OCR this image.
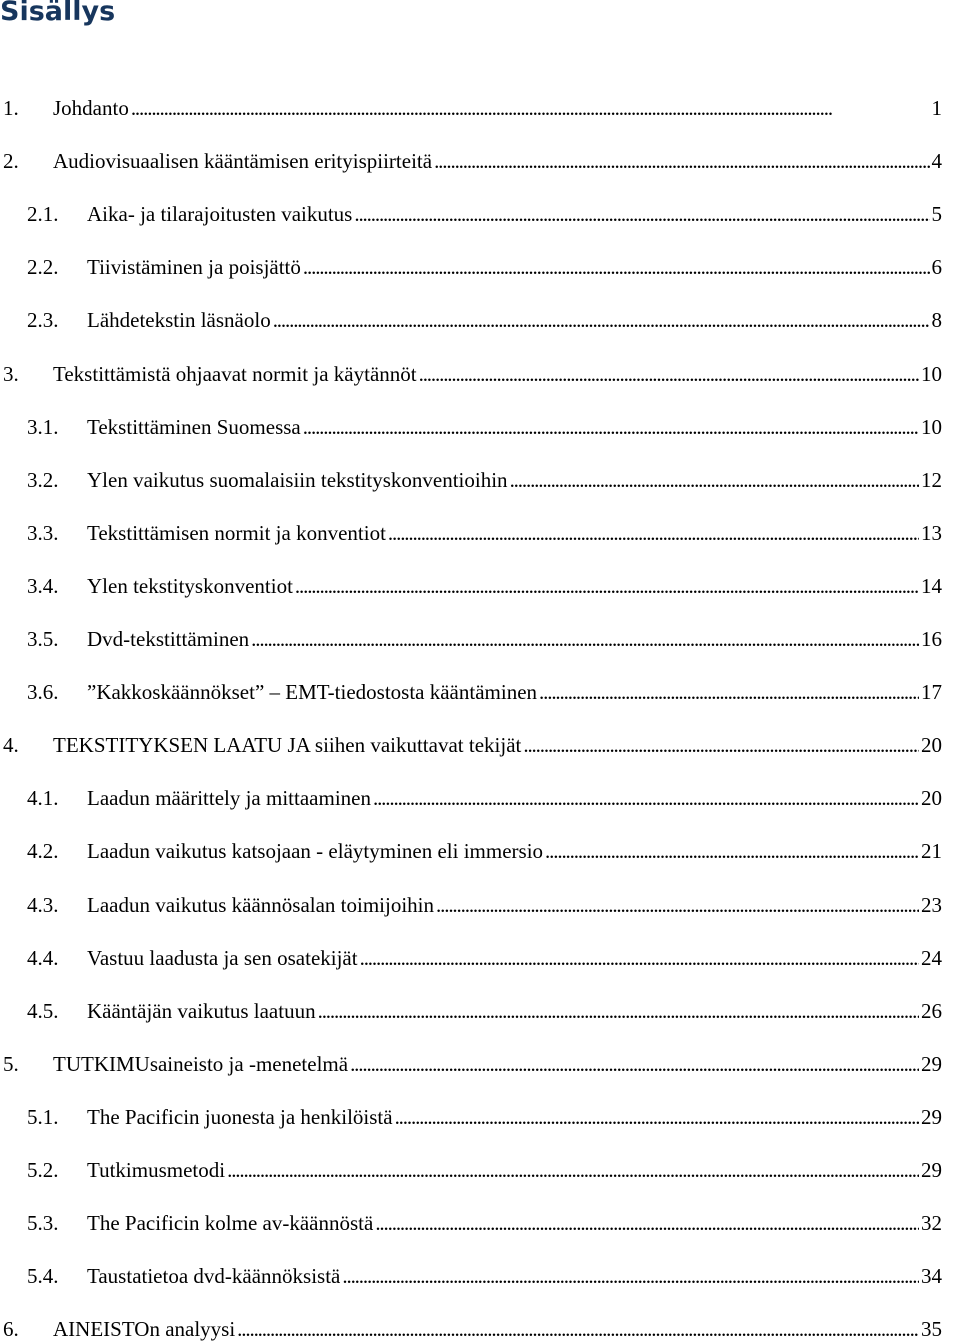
Sisällys
1.	Johdanto . . .	1
2.	Audiovisuaalisen kääntämisen erityispiirteitä . . .	4
2.1.	Aika- ja tilarajoitusten vaikutus . . .	5
2.2.	Tiivistäminen ja poisjättö . . .	6
2.3.	Lähdetekstin läsnäolo . . .	8
3.	Tekstittämistä ohjaavat normit ja käytännöt . . .	10
3.1.	Tekstittäminen Suomessa . . .	10
3.2.	Ylen vaikutus suomalaisiin tekstityskonventioihin . . .	12
3.3.	Tekstittämisen normit ja konventiot . . .	13
3.4.	Ylen tekstityskonventiot . . .	14
3.5.	Dvd-tekstittäminen . . .	16
3.6.	”Kakkoskäännökset” – EMT-tiedostosta kääntäminen . . .	17
4.	TEKSTITYKSEN LAATU JA siihen vaikuttavat tekijät . . .	20
4.1.	Laadun määrittely ja mittaaminen . . .	20
4.2.	Laadun vaikutus katsojaan - eläytyminen eli immersio . . .	21
4.3.	Laadun vaikutus käännösalan toimijoihin . . .	23
4.4.	Vastuu laadusta ja sen osatekijät . . .	24
4.5.	Kääntäjän vaikutus laatuun . . .	26
5.	TUTKIMUsaineisto ja -menetelmä . . .	29
5.1.	The Pacificin juonesta ja henkilöistä . . .	29
5.2.	Tutkimusmetodi . . .	29
5.3.	The Pacificin kolme av-käännöstä . . .	32
5.4.	Taustatietoa dvd-käännöksistä . . .	34
6.	AINEISTOn analyysi . . .	35
